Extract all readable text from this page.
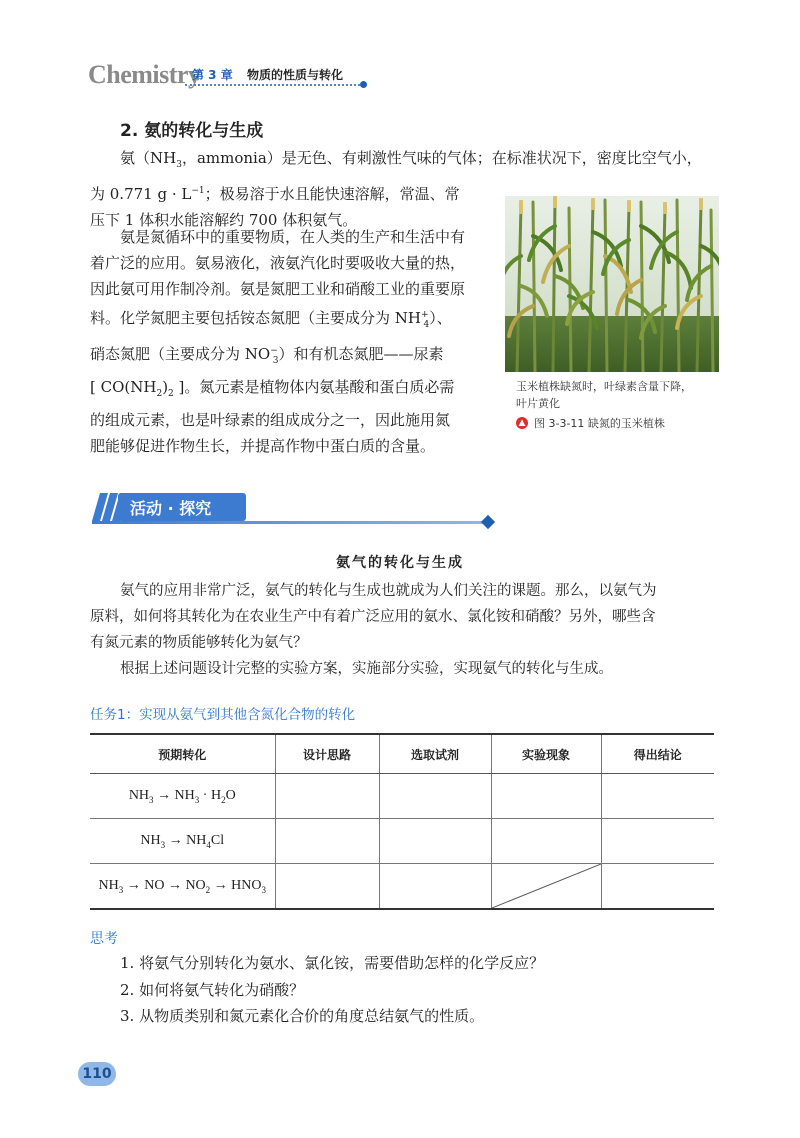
Chemistry
第 3 章 物质的性质与转化
2. 氨的转化与生成
氨（$NH_3$，ammonia）是无色、有刺激性气味的气体；在标准状况下，密度比空气小，
为 0.771 $g \cdot L^{-1}$；极易溶于水且能快速溶解，常温、常
压下 1 体积水能溶解约 700 体积氨气。
氨是氮循环中的重要物质，在人类的生产和生活中有
着广泛的应用。氨易液化，液氨汽化时要吸收大量的热，
因此氨可用作制冷剂。氨是氮肥工业和硝酸工业的重要原
料。化学氮肥主要包括铵态氮肥（主要成分为 $NH^+_4$）、
硝态氮肥（主要成分为 $NO^-_3$）和有机态氮肥——尿素
[ $CO(NH_2)_2$ ]。氮元素是植物体内氨基酸和蛋白质必需
的组成元素，也是叶绿素的组成成分之一，因此施用氮
肥能够促进作物生长，并提高作物中蛋白质的含量。
玉米植株缺氮时，叶绿素含量下降，
叶片黄化
图 3-3-11 缺氮的玉米植株
活动 · 探究
氨气的转化与生成
氨气的应用非常广泛，氨气的转化与生成也就成为人们关注的课题。那么，以氨气为
原料，如何将其转化为在农业生产中有着广泛应用的氨水、氯化铵和硝酸？另外，哪些含
有氮元素的物质能够转化为氨气？
根据上述问题设计完整的实验方案，实施部分实验，实现氨气的转化与生成。
任务1：实现从氨气到其他含氮化合物的转化
预期转化	设计思路	选取试剂	实验现象	得出结论
$NH_3 \to NH_3 \cdot H_2O$				
$NH_3 \to NH_4Cl$				
$NH_3$ → NO → $NO_2 \to HNO_3$			

思考
1. 将氨气分别转化为氨水、氯化铵，需要借助怎样的化学反应？
2. 如何将氨气转化为硝酸？
3. 从物质类别和氮元素化合价的角度总结氨气的性质。
110
